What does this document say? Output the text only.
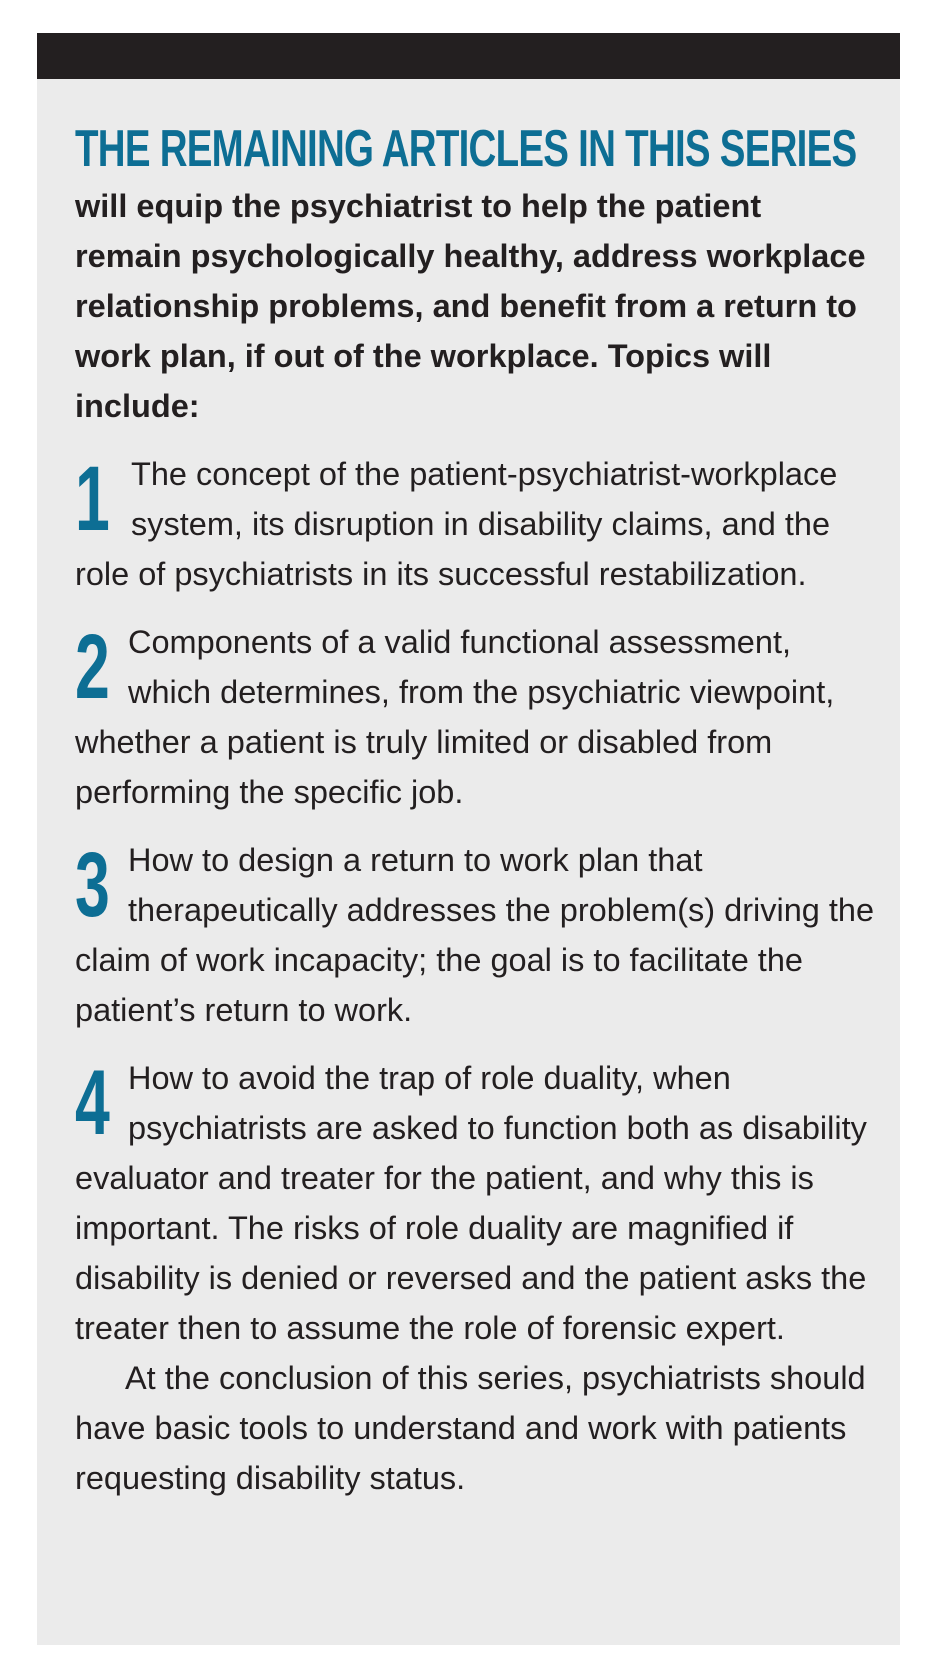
THE REMAINING ARTICLES IN THIS SERIES

will equip the psychiatrist to help the patient remain psychologically healthy, address workplace relationship problems, and benefit from a return to work plan, if out of the workplace. Topics will include:

1 The concept of the patient-psychiatrist-workplace system, its disruption in disability claims, and the role of psychiatrists in its successful restabilization.
2 Components of a valid functional assessment, which determines, from the psychiatric viewpoint, whether a patient is truly limited or disabled from performing the specific job.
3 How to design a return to work plan that therapeutically addresses the problem(s) driving the claim of work incapacity; the goal is to facilitate the patient’s return to work.
4 How to avoid the trap of role duality, when psychiatrists are asked to function both as disability evaluator and treater for the patient, and why this is important. The risks of role duality are magnified if disability is denied or reversed and the patient asks the treater then to assume the role of forensic expert.

At the conclusion of this series, psychiatrists should have basic tools to understand and work with patients requesting disability status.
